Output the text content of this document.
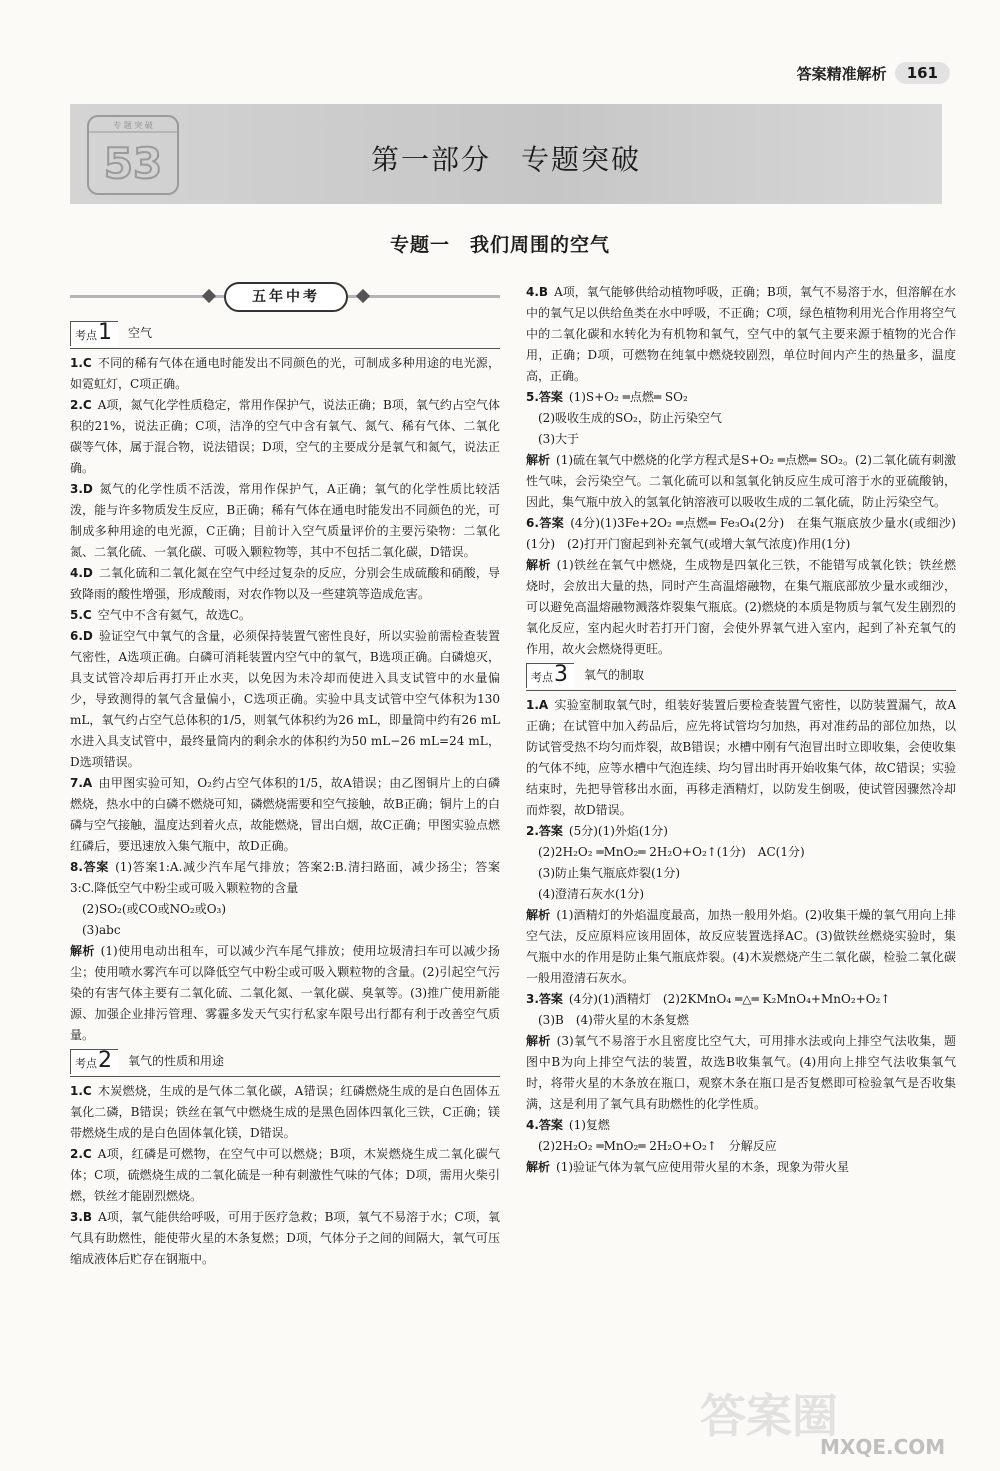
答案精准解析	161
专 题 突 破
53	第一部分　专题突破
专题一　我们周围的空气
五年中考
考点 1 空气
1.C 不同的稀有气体在通电时能发出不同颜色的光，可制成多种用途的电光源，如霓虹灯，C项正确。
2.C A项，氮气化学性质稳定，常用作保护气，说法正确；B项，氧气约占空气体积的21%，说法正确；C项，洁净的空气中含有氧气、氮气、稀有气体、二氧化碳等气体，属于混合物，说法错误；D项，空气的主要成分是氧气和氮气，说法正确。
3.D 氮气的化学性质不活泼，常用作保护气，A正确；氧气的化学性质比较活泼，能与许多物质发生反应，B正确；稀有气体在通电时能发出不同颜色的光，可制成多种用途的电光源，C正确；目前计入空气质量评价的主要污染物：二氧化氮、二氧化硫、一氧化碳、可吸入颗粒物等，其中不包括二氧化碳，D错误。
4.D 二氧化硫和二氧化氮在空气中经过复杂的反应，分别会生成硫酸和硝酸，导致降雨的酸性增强，形成酸雨，对农作物以及一些建筑等造成危害。
5.C 空气中不含有氦气，故选C。
6.D 验证空气中氧气的含量，必须保持装置气密性良好，所以实验前需检查装置气密性，A选项正确。白磷可消耗装置内空气中的氧气，B选项正确。白磷熄灭，具支试管冷却后再打开止水夹，以免因为未冷却而使进入具支试管中的水量偏少，导致测得的氧气含量偏小，C选项正确。实验中具支试管中空气体积为130 mL，氧气约占空气总体积的1/5，则氧气体积约为26 mL，即量筒中约有26 mL水进入具支试管中，最终量筒内的剩余水的体积约为50 mL−26 mL=24 mL，D选项错误。
7.A 由甲图实验可知，O₂约占空气体积的1/5，故A错误；由乙图铜片上的白磷燃烧，热水中的白磷不燃烧可知，磷燃烧需要和空气接触，故B正确；铜片上的白磷与空气接触，温度达到着火点，故能燃烧，冒出白烟，故C正确；甲图实验点燃红磷后，要迅速放入集气瓶中，故D正确。
8.答案 (1)答案1:A.减少汽车尾气排放；答案2:B.清扫路面，减少扬尘；答案3:C.降低空气中粉尘或可吸入颗粒物的含量
(2)SO₂(或CO或NO₂或O₃)
(3)abc
解析 (1)使用电动出租车，可以减少汽车尾气排放；使用垃圾清扫车可以减少扬尘；使用喷水雾汽车可以降低空气中粉尘或可吸入颗粒物的含量。(2)引起空气污染的有害气体主要有二氧化硫、二氧化氮、一氧化碳、臭氧等。(3)推广使用新能源、加强企业排污管理、雾霾多发天气实行私家车限号出行都有利于改善空气质量。
考点 2 氧气的性质和用途
1.C 木炭燃烧，生成的是气体二氧化碳，A错误；红磷燃烧生成的是白色固体五氧化二磷，B错误；铁丝在氧气中燃烧生成的是黑色固体四氧化三铁，C正确；镁带燃烧生成的是白色固体氧化镁，D错误。
2.C A项，红磷是可燃物，在空气中可以燃烧；B项，木炭燃烧生成二氧化碳气体；C项，硫燃烧生成的二氧化硫是一种有刺激性气味的气体；D项，需用火柴引燃，铁丝才能剧烈燃烧。
3.B A项，氧气能供给呼吸，可用于医疗急救；B项，氧气不易溶于水；C项，氧气具有助燃性，能使带火星的木条复燃；D项，气体分子之间的间隔大，氧气可压缩成液体后贮存在钢瓶中。
4.B A项，氧气能够供给动植物呼吸，正确；B项，氧气不易溶于水，但溶解在水中的氧气足以供给鱼类在水中呼吸，不正确；C项，绿色植物利用光合作用将空气中的二氧化碳和水转化为有机物和氧气，空气中的氧气主要来源于植物的光合作用，正确；D项，可燃物在纯氧中燃烧较剧烈，单位时间内产生的热量多，温度高，正确。
5.答案 (1)S+O₂ ═点燃═ SO₂
(2)吸收生成的SO₂，防止污染空气
(3)大于
解析 (1)硫在氧气中燃烧的化学方程式是S+O₂ ═点燃═ SO₂。(2)二氧化硫有刺激性气味，会污染空气。二氧化硫可以和氢氧化钠反应生成可溶于水的亚硫酸钠，因此，集气瓶中放入的氢氧化钠溶液可以吸收生成的二氧化硫，防止污染空气。
6.答案 (4分)(1)3Fe+2O₂ ═点燃═ Fe₃O₄(2分)　在集气瓶底放少量水(或细沙)(1分)　(2)打开门窗起到补充氧气(或增大氧气浓度)作用(1分)
解析 (1)铁丝在氧气中燃烧，生成物是四氧化三铁，不能错写成氧化铁；铁丝燃烧时，会放出大量的热，同时产生高温熔融物，在集气瓶底部放少量水或细沙，可以避免高温熔融物溅落炸裂集气瓶底。(2)燃烧的本质是物质与氧气发生剧烈的氧化反应，室内起火时若打开门窗，会使外界氧气进入室内，起到了补充氧气的作用，故火会燃烧得更旺。
考点 3 氧气的制取
1.A 实验室制取氧气时，组装好装置后要检查装置气密性，以防装置漏气，故A正确；在试管中加入药品后，应先将试管均匀加热，再对准药品的部位加热，以防试管受热不均匀而炸裂，故B错误；水槽中刚有气泡冒出时立即收集，会使收集的气体不纯，应等水槽中气泡连续、均匀冒出时再开始收集气体，故C错误；实验结束时，先把导管移出水面，再移走酒精灯，以防发生倒吸，使试管因骤然冷却而炸裂，故D错误。
2.答案 (5分)(1)外焰(1分)
(2)2H₂O₂ ═MnO₂═ 2H₂O+O₂↑(1分)　AC(1分)
(3)防止集气瓶底炸裂(1分)
(4)澄清石灰水(1分)
解析 (1)酒精灯的外焰温度最高，加热一般用外焰。(2)收集干燥的氧气用向上排空气法，反应原料应该用固体，故反应装置选择AC。(3)做铁丝燃烧实验时，集气瓶中水的作用是防止集气瓶底炸裂。(4)木炭燃烧产生二氧化碳，检验二氧化碳一般用澄清石灰水。
3.答案 (4分)(1)酒精灯　(2)2KMnO₄ ═△═ K₂MnO₄+MnO₂+O₂↑
(3)B　(4)带火星的木条复燃
解析 (3)氧气不易溶于水且密度比空气大，可用排水法或向上排空气法收集，题图中B为向上排空气法的装置，故选B收集氧气。(4)用向上排空气法收集氧气时，将带火星的木条放在瓶口，观察木条在瓶口是否复燃即可检验氧气是否收集满，这是利用了氧气具有助燃性的化学性质。
4.答案 (1)复燃
(2)2H₂O₂ ═MnO₂═ 2H₂O+O₂↑　分解反应
解析 (1)验证气体为氧气应使用带火星的木条，现象为带火星
答案圈
MXQE.COM
